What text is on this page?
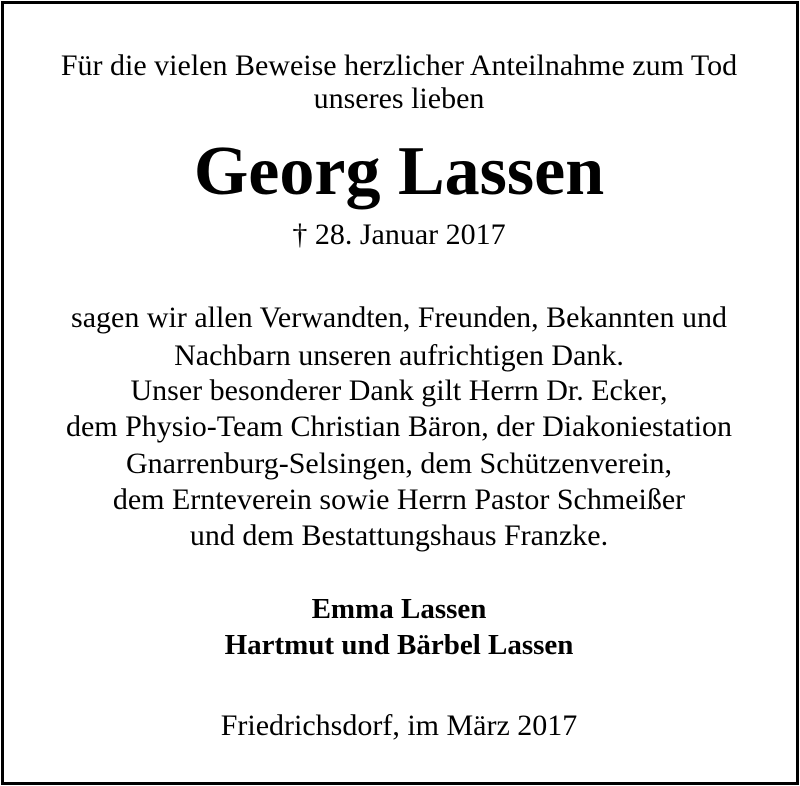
Für die vielen Beweise herzlicher Anteilnahme zum Tod
unseres lieben
Georg Lassen
† 28. Januar 2017
sagen wir allen Verwandten, Freunden, Bekannten und
Nachbarn unseren aufrichtigen Dank.
Unser besonderer Dank gilt Herrn Dr. Ecker,
dem Physio-Team Christian Bäron, der Diakoniestation
Gnarrenburg-Selsingen, dem Schützenverein,
dem Ernteverein sowie Herrn Pastor Schmeißer
und dem Bestattungshaus Franzke.
Emma Lassen
Hartmut und Bärbel Lassen
Friedrichsdorf, im März 2017
